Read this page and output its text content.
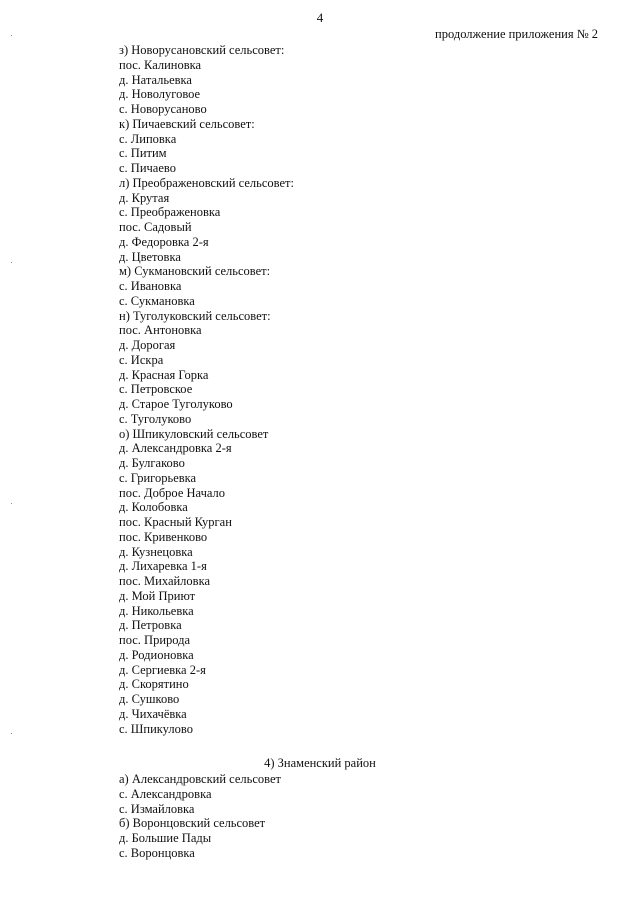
4
продолжение приложения № 2
з) Новорусановский сельсовет:
пос. Калиновка
д. Натальевка
д. Новолуговое
с. Новорусаново
к) Пичаевский сельсовет:
с. Липовка
с. Питим
с. Пичаево
л) Преображеновский сельсовет:
д. Крутая
с. Преображеновка
пос. Садовый
д. Федоровка 2-я
д. Цветовка
м) Сукмановский сельсовет:
с. Ивановка
с. Сукмановка
н) Туголуковский сельсовет:
пос. Антоновка
д. Дорогая
с. Искра
д. Красная Горка
с. Петровское
д. Старое Туголуково
с. Туголуково
о) Шпикуловский сельсовет
д. Александровка 2-я
д. Булгаково
с. Григорьевка
пос. Доброе Начало
д. Колобовка
пос. Красный Курган
пос. Кривенково
д. Кузнецовка
д. Лихаревка 1-я
пос. Михайловка
д. Мой Приют
д. Никольевка
д. Петровка
пос. Природа
д. Родионовка
д. Сергиевка 2-я
д. Скорятино
д. Сушково
д. Чихачёвка
с. Шпикулово
4) Знаменский район
а) Александровский сельсовет
с. Александровка
с. Измайловка
б) Воронцовский сельсовет
д. Большие Пады
с. Воронцовка
